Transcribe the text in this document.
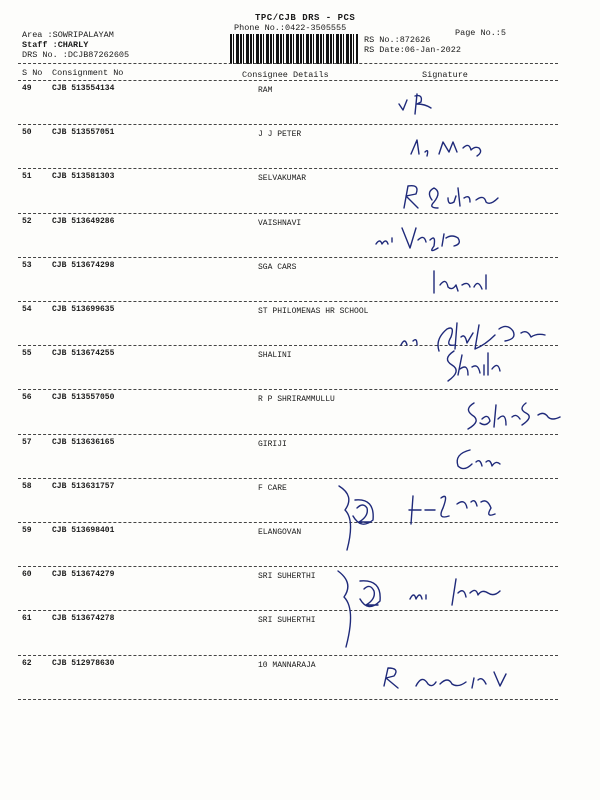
TPC/CJB DRS - PCS
Phone No.:0422-3505555	Page No.:5
Area :SOWRIPALAYAM
Staff :CHARLY
DRS No. :DCJB87262605
RS No.:872626
RS Date:06-Jan-2022
S No Consignment No	Consignee Details	Signature
49	CJB 513554134	RAM
50	CJB 513557051	J J PETER
51	CJB 513581303	SELVAKUMAR
52	CJB 513649286	VAISHNAVI
53	CJB 513674298	SGA CARS
54	CJB 513699635	ST PHILOMENAS HR SCHOOL
55	CJB 513674255	SHALINI
56	CJB 513557050	R P SHRIRAMMULLU
57	CJB 513636165	GIRIJI
58	CJB 513631757	F CARE
59	CJB 513698401	ELANGOVAN
60	CJB 513674279	SRI SUHERTHI
61	CJB 513674278	SRI SUHERTHI
62	CJB 512978630	10 MANNARAJA
